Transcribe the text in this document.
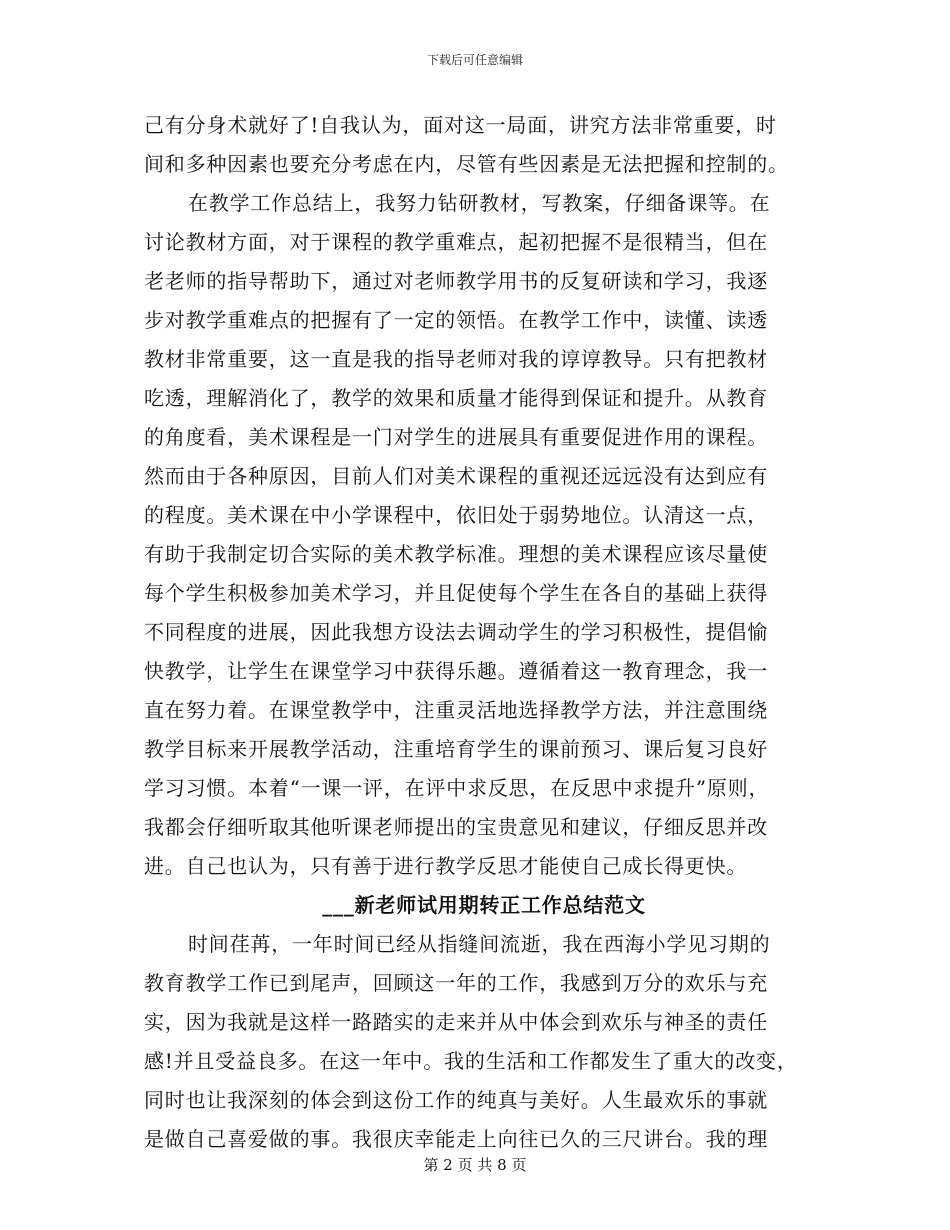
下载后可任意编辑
己有分身术就好了!自我认为，面对这一局面，讲究方法非常重要，时
间和多种因素也要充分考虑在内，尽管有些因素是无法把握和控制的。
在教学工作总结上，我努力钻研教材，写教案，仔细备课等。在
讨论教材方面，对于课程的教学重难点，起初把握不是很精当，但在
老老师的指导帮助下，通过对老师教学用书的反复研读和学习，我逐
步对教学重难点的把握有了一定的领悟。在教学工作中，读懂、读透
教材非常重要，这一直是我的指导老师对我的谆谆教导。只有把教材
吃透，理解消化了，教学的效果和质量才能得到保证和提升。从教育
的角度看，美术课程是一门对学生的进展具有重要促进作用的课程。
然而由于各种原因，目前人们对美术课程的重视还远远没有达到应有
的程度。美术课在中小学课程中，依旧处于弱势地位。认清这一点，
有助于我制定切合实际的美术教学标准。理想的美术课程应该尽量使
每个学生积极参加美术学习，并且促使每个学生在各自的基础上获得
不同程度的进展，因此我想方设法去调动学生的学习积极性，提倡愉
快教学，让学生在课堂学习中获得乐趣。遵循着这一教育理念，我一
直在努力着。在课堂教学中，注重灵活地选择教学方法，并注意围绕
教学目标来开展教学活动，注重培育学生的课前预习、课后复习良好
学习习惯。本着“一课一评，在评中求反思，在反思中求提升”原则，
我都会仔细听取其他听课老师提出的宝贵意见和建议，仔细反思并改
进。自己也认为，只有善于进行教学反思才能使自己成长得更快。
___新老师试用期转正工作总结范文
时间荏苒，一年时间已经从指缝间流逝，我在西海小学见习期的
教育教学工作已到尾声，回顾这一年的工作，我感到万分的欢乐与充
实，因为我就是这样一路踏实的走来并从中体会到欢乐与神圣的责任
感!并且受益良多。在这一年中。我的生活和工作都发生了重大的改变，
同时也让我深刻的体会到这份工作的纯真与美好。人生最欢乐的事就
是做自己喜爱做的事。我很庆幸能走上向往已久的三尺讲台。我的理
第 2 页 共 8 页
